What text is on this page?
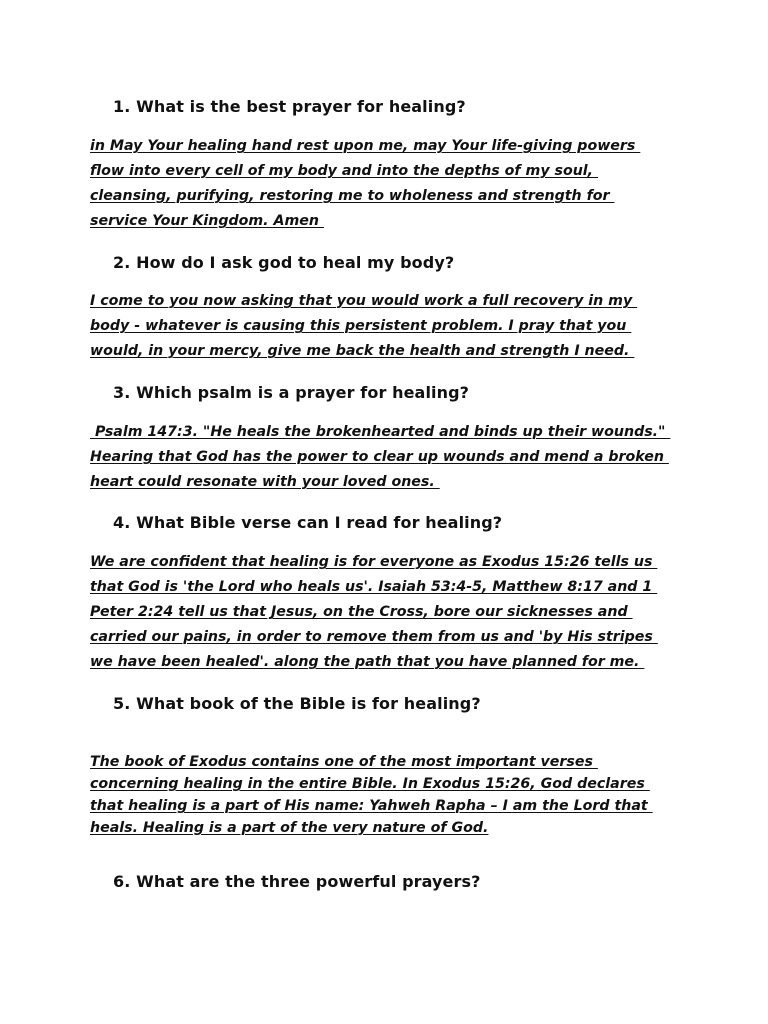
1. What is the best prayer for healing?
in May Your healing hand rest upon me, may Your life-giving powers
flow into every cell of my body and into the depths of my soul,
cleansing, purifying, restoring me to wholeness and strength for
service Your Kingdom. Amen
2. How do I ask god to heal my body?
I come to you now asking that you would work a full recovery in my
body - whatever is causing this persistent problem. I pray that you
would, in your mercy, give me back the health and strength I need.
3. Which psalm is a prayer for healing?
Psalm 147:3. "He heals the brokenhearted and binds up their wounds."
Hearing that God has the power to clear up wounds and mend a broken
heart could resonate with your loved ones.
4. What Bible verse can I read for healing?
We are confident that healing is for everyone as Exodus 15:26 tells us
that God is 'the Lord who heals us'. Isaiah 53:4-5, Matthew 8:17 and 1
Peter 2:24 tell us that Jesus, on the Cross, bore our sicknesses and
carried our pains, in order to remove them from us and 'by His stripes
we have been healed'. along the path that you have planned for me.
5. What book of the Bible is for healing?
The book of Exodus contains one of the most important verses
concerning healing in the entire Bible. In Exodus 15:26, God declares
that healing is a part of His name: Yahweh Rapha – I am the Lord that
heals. Healing is a part of the very nature of God.
6. What are the three powerful prayers?
